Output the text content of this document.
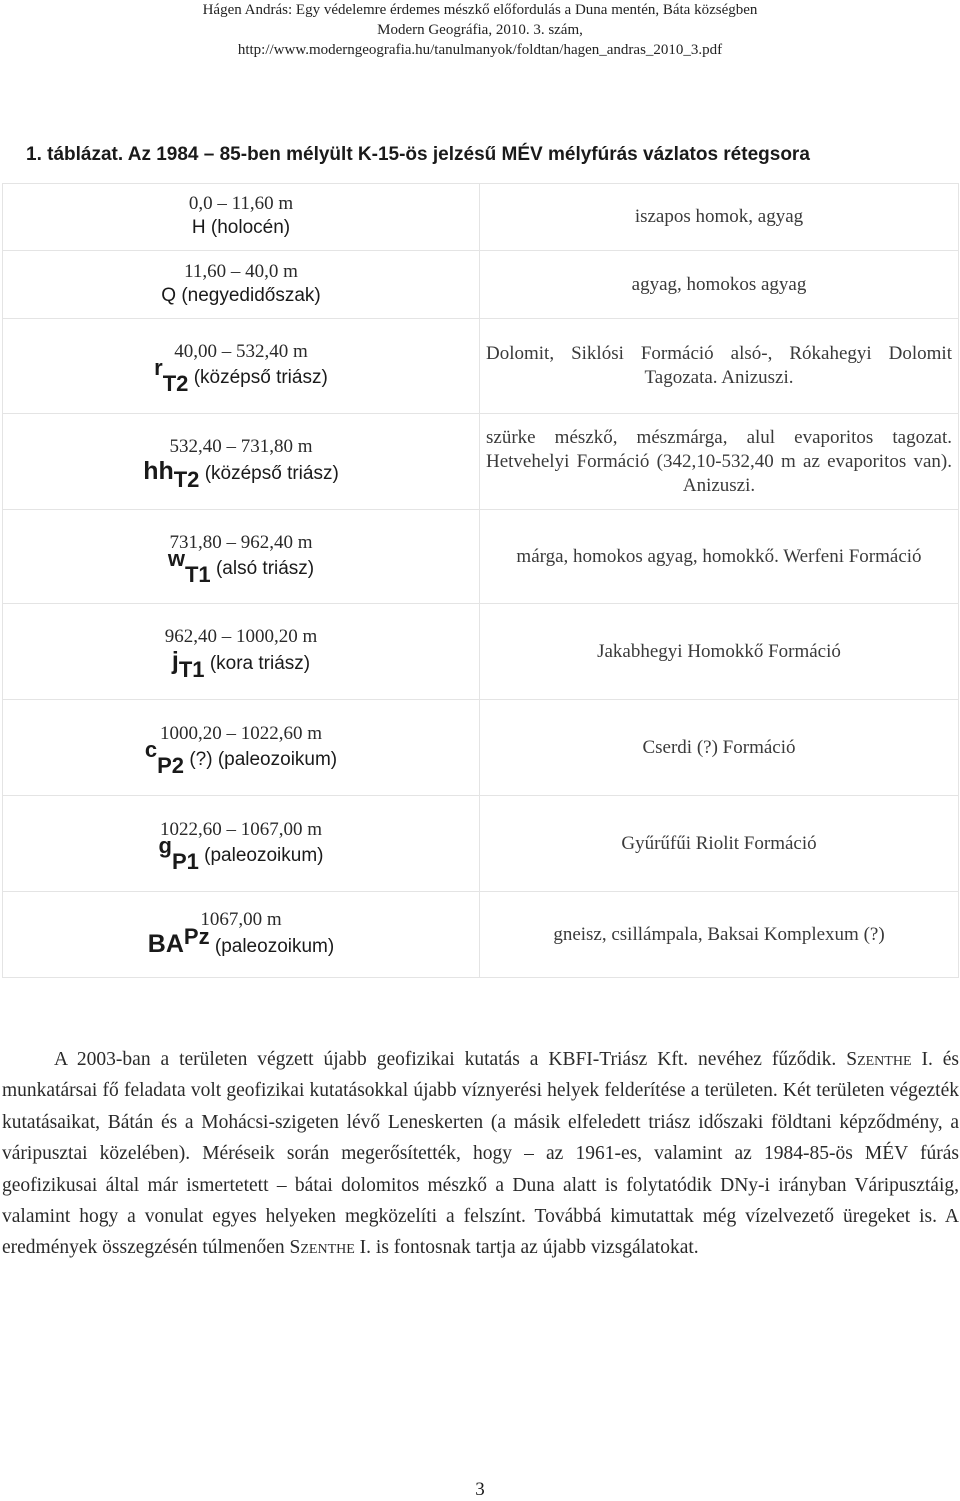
Hágen András: Egy védelemre érdemes mészkő előfordulás a Duna mentén, Báta községben
Modern Geográfia, 2010. 3. szám,
http://www.moderngeografia.hu/tanulmanyok/foldtan/hagen_andras_2010_3.pdf
1. táblázat. Az 1984 – 85-ben mélyült K-15-ös jelzésű MÉV mélyfúrás vázlatos rétegsora
0,0 – 11,60 m
H (holocén)	iszapos homok, agyag

11,60 – 40,0 m
Q (negyedidőszak)	agyag, homokos agyag

40,00 – 532,40 m
rT2 (középső triász)	Dolomit, Siklósi Formáció alsó-, Rókahegyi Dolomit Tagozata. Anizuszi.

532,40 – 731,80 m
hhT2 (középső triász)	szürke mészkő, mészmárga, alul evaporitos tagozat. Hetvehelyi Formáció (342,10-532,40 m az evaporitos van). Anizuszi.

731,80 – 962,40 m
wT1 (alsó triász)	márga, homokos agyag, homokkő. Werfeni Formáció

962,40 – 1000,20 m
jT1 (kora triász)	Jakabhegyi Homokkő Formáció

1000,20 – 1022,60 m
cP2 (?) (paleozoikum)	Cserdi (?) Formáció

1022,60 – 1067,00 m
gP1 (paleozoikum)	Gyűrűfűi Riolit Formáció

1067,00 m
BAPz (paleozoikum)	gneisz, csillámpala, Baksai Komplexum (?)

A 2003-ban a területen végzett újabb geofizikai kutatás a KBFI-Triász Kft. nevéhez fűződik. Szenthe I. és munkatársai fő feladata volt geofizikai kutatásokkal újabb víznyerési helyek felderítése a területen. Két területen végezték kutatásaikat, Bátán és a Mohácsi-szigeten lévő Leneskerten (a másik elfeledett triász időszaki földtani képződmény, a váripusztai közelében). Méréseik során megerősítették, hogy – az 1961-es, valamint az 1984-85-ös MÉV fúrás geofizikusai által már ismertetett – bátai dolomitos mészkő a Duna alatt is folytatódik DNy-i irányban Váripusztáig, valamint hogy a vonulat egyes helyeken megközelíti a felszínt. Továbbá kimutattak még vízelvezető üregeket is. A eredmények összegzésén túlmenően Szenthe I. is fontosnak tartja az újabb vizsgálatokat.

3
